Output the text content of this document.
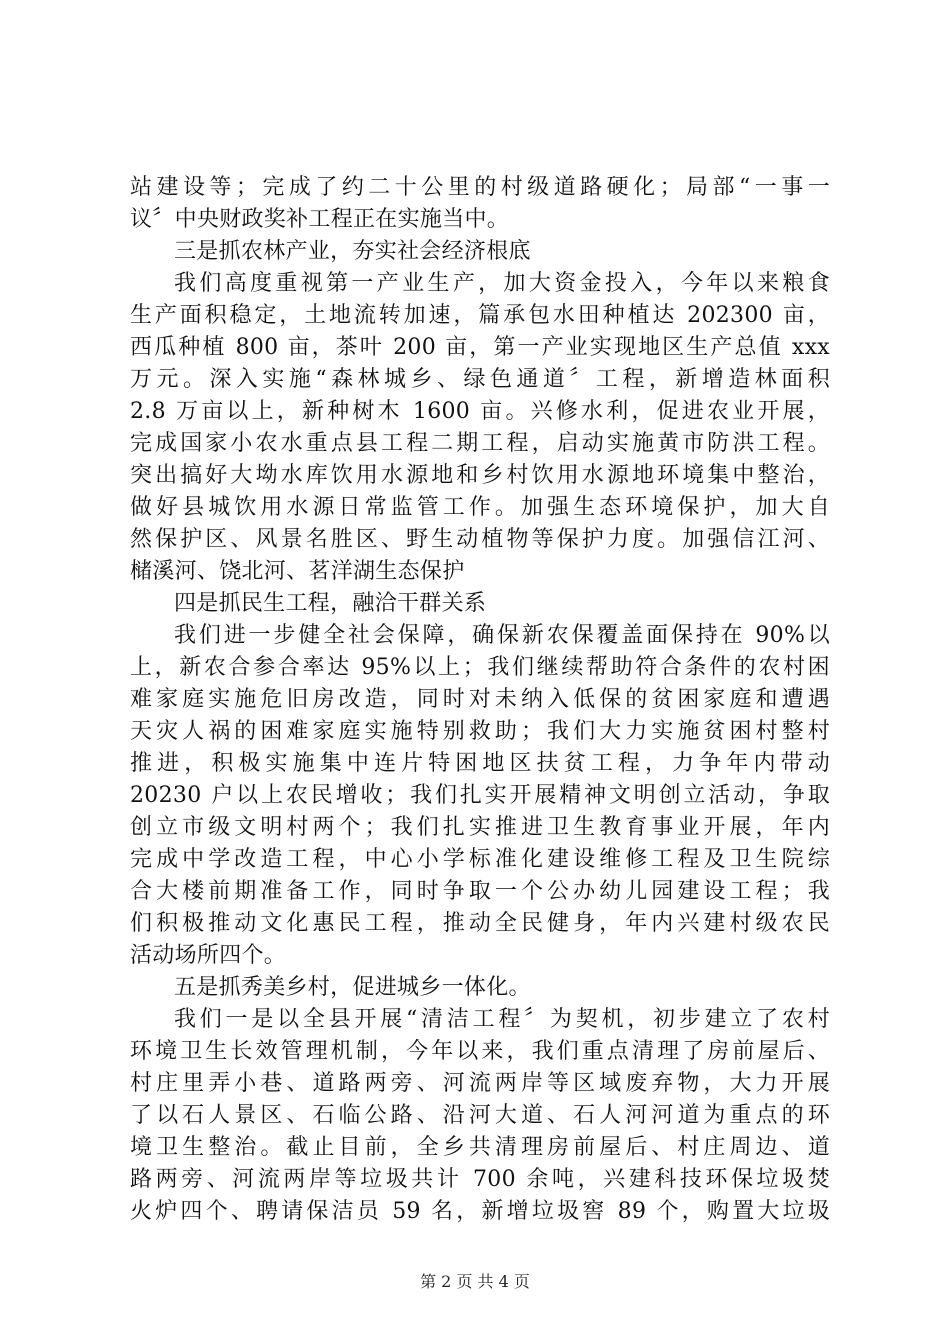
站建设等；完成了约二十公里的村级道路硬化；局部“一事一
议〞中央财政奖补工程正在实施当中。
三是抓农林产业，夯实社会经济根底
我们高度重视第一产业生产，加大资金投入，今年以来粮食
生产面积稳定，土地流转加速，篇承包水田种植达 202300 亩，
西瓜种植 800 亩，茶叶 200 亩，第一产业实现地区生产总值 xxx
万元。深入实施“森林城乡、绿色通道〞工程，新增造林面积
2.8 万亩以上，新种树木 1600 亩。兴修水利，促进农业开展，
完成国家小农水重点县工程二期工程，启动实施黄市防洪工程。
突出搞好大坳水库饮用水源地和乡村饮用水源地环境集中整治，
做好县城饮用水源日常监管工作。加强生态环境保护，加大自
然保护区、风景名胜区、野生动植物等保护力度。加强信江河、
槠溪河、饶北河、茗洋湖生态保护
四是抓民生工程，融洽干群关系
我们进一步健全社会保障，确保新农保覆盖面保持在 90%以
上，新农合参合率达 95%以上；我们继续帮助符合条件的农村困
难家庭实施危旧房改造，同时对未纳入低保的贫困家庭和遭遇
天灾人祸的困难家庭实施特别救助；我们大力实施贫困村整村
推进，积极实施集中连片特困地区扶贫工程，力争年内带动
20230 户以上农民增收；我们扎实开展精神文明创立活动，争取
创立市级文明村两个；我们扎实推进卫生教育事业开展，年内
完成中学改造工程，中心小学标准化建设维修工程及卫生院综
合大楼前期准备工作，同时争取一个公办幼儿园建设工程；我
们积极推动文化惠民工程，推动全民健身，年内兴建村级农民
活动场所四个。
五是抓秀美乡村，促进城乡一体化。
我们一是以全县开展“清洁工程〞为契机，初步建立了农村
环境卫生长效管理机制，今年以来，我们重点清理了房前屋后、
村庄里弄小巷、道路两旁、河流两岸等区域废弃物，大力开展
了以石人景区、石临公路、沿河大道、石人河河道为重点的环
境卫生整治。截止目前，全乡共清理房前屋后、村庄周边、道
路两旁、河流两岸等垃圾共计 700 余吨，兴建科技环保垃圾焚
火炉四个、聘请保洁员 59 名，新增垃圾窖 89 个，购置大垃圾
第 2 页 共 4 页
